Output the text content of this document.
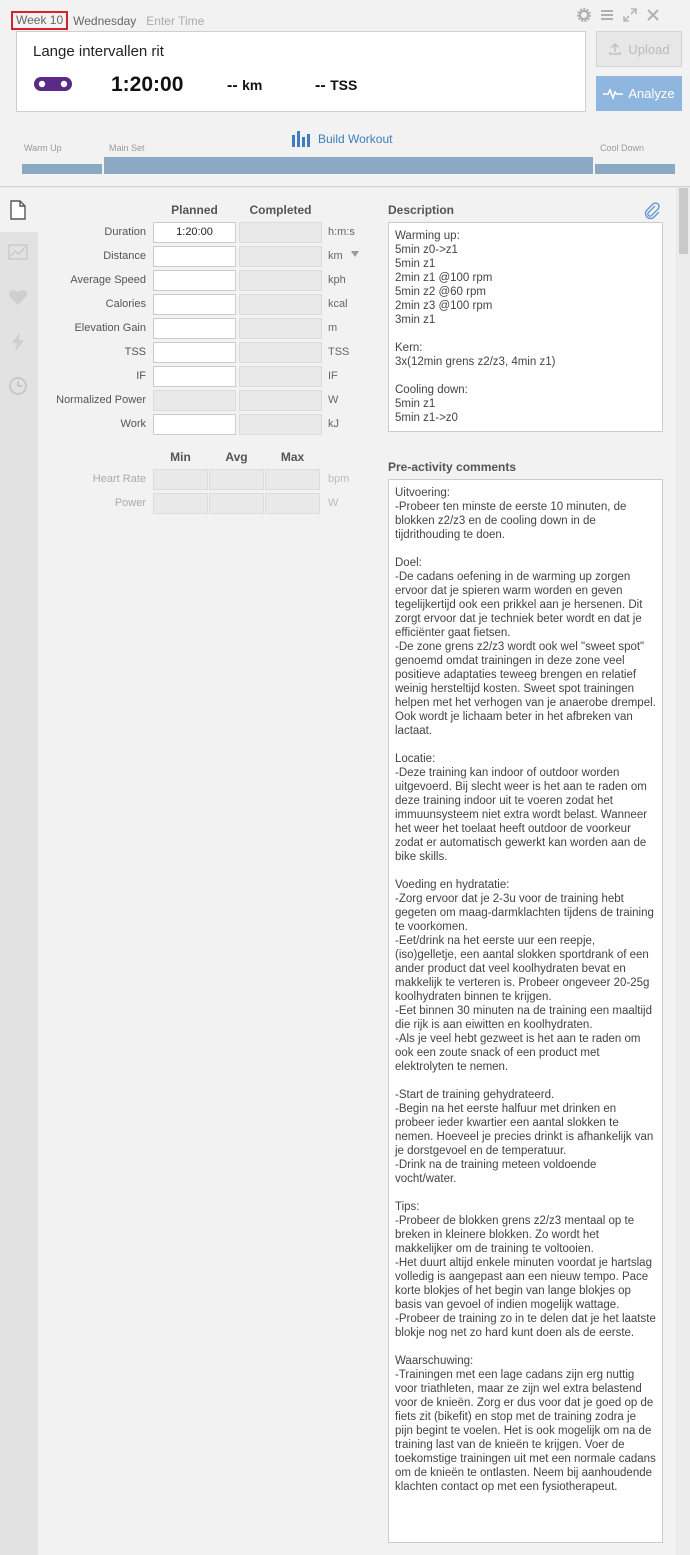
Week 10 Wednesday Enter Time
Lange intervallen rit
1:20:00	-- km	-- TSS
Upload
Analyze
Build Workout
Warm Up	Main Set	Cool Down
Planned	Completed
Duration	1:20:00	h:m:s
Distance	km
Average Speed	kph
Calories	kcal
Elevation Gain	m
TSS	TSS
IF	IF
Normalized Power	W
Work	kJ
Min	Avg	Max
Heart Rate	bpm
Power	W
Description
Warming up:
5min z0->z1
5min z1
2min z1 @100 rpm
5min z2 @60 rpm
2min z3 @100 rpm
3min z1

Kern:
3x(12min grens z2/z3, 4min z1)

Cooling down:
5min z1
5min z1->z0
Pre-activity comments
Uitvoering:
-Probeer ten minste de eerste 10 minuten, de blokken z2/z3 en de cooling down in de tijdrithouding te doen.

Doel:
-De cadans oefening in de warming up zorgen ervoor dat je spieren warm worden en geven tegelijkertijd ook een prikkel aan je hersenen. Dit zorgt ervoor dat je techniek beter wordt en dat je efficiënter gaat fietsen.
-De zone grens z2/z3 wordt ook wel "sweet spot" genoemd omdat trainingen in deze zone veel positieve adaptaties teweeg brengen en relatief weinig hersteltijd kosten. Sweet spot trainingen helpen met het verhogen van je anaerobe drempel. Ook wordt je lichaam beter in het afbreken van lactaat.

Locatie:
-Deze training kan indoor of outdoor worden uitgevoerd. Bij slecht weer is het aan te raden om deze training indoor uit te voeren zodat het immuunsysteem niet extra wordt belast. Wanneer het weer het toelaat heeft outdoor de voorkeur zodat er automatisch gewerkt kan worden aan de bike skills.

Voeding en hydratatie:
-Zorg ervoor dat je 2-3u voor de training hebt gegeten om maag-darmklachten tijdens de training te voorkomen.
-Eet/drink na het eerste uur een reepje, (iso)gelletje, een aantal slokken sportdrank of een ander product dat veel koolhydraten bevat en makkelijk te verteren is. Probeer ongeveer 20-25g koolhydraten binnen te krijgen.
-Eet binnen 30 minuten na de training een maaltijd die rijk is aan eiwitten en koolhydraten.
-Als je veel hebt gezweet is het aan te raden om ook een zoute snack of een product met elektrolyten te nemen.

-Start de training gehydrateerd.
-Begin na het eerste halfuur met drinken en probeer ieder kwartier een aantal slokken te nemen. Hoeveel je precies drinkt is afhankelijk van je dorstgevoel en de temperatuur.
-Drink na de training meteen voldoende vocht/water.

Tips:
-Probeer de blokken grens z2/z3 mentaal op te breken in kleinere blokken. Zo wordt het makkelijker om de training te voltooien.
-Het duurt altijd enkele minuten voordat je hartslag volledig is aangepast aan een nieuw tempo. Pace korte blokjes of het begin van lange blokjes op basis van gevoel of indien mogelijk wattage.
-Probeer de training zo in te delen dat je het laatste blokje nog net zo hard kunt doen als de eerste.

Waarschuwing:
-Trainingen met een lage cadans zijn erg nuttig voor triathleten, maar ze zijn wel extra belastend voor de knieën. Zorg er dus voor dat je goed op de fiets zit (bikefit) en stop met de training zodra je pijn begint te voelen. Het is ook mogelijk om na de training last van de knieën te krijgen. Voer de toekomstige trainingen uit met een normale cadans om de knieën te ontlasten. Neem bij aanhoudende klachten contact op met een fysiotherapeut.
